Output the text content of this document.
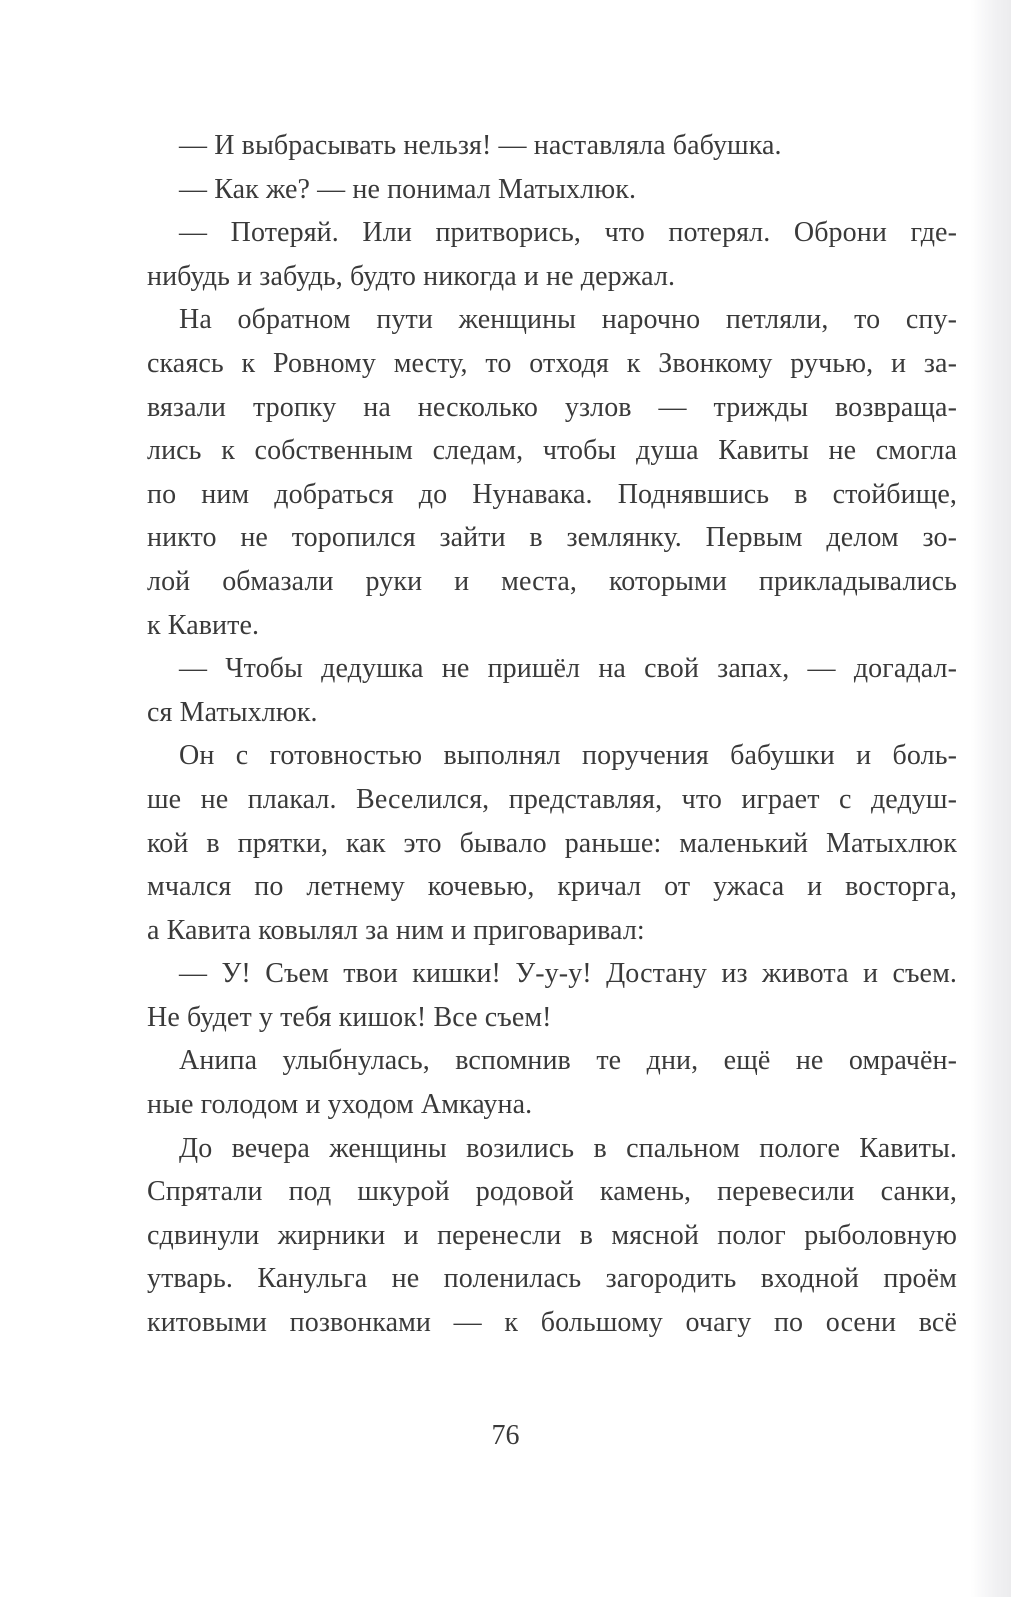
— И выбрасывать нельзя! — наставляла бабушка.
— Как же? — не понимал Матыхлюк.
— Потеряй. Или притворись, что потерял. Оброни где-
нибудь и забудь, будто никогда и не держал.
На обратном пути женщины нарочно петляли, то спу-
скаясь к Ровному месту, то отходя к Звонкому ручью, и за-
вязали тропку на несколько узлов — трижды возвраща-
лись к собственным следам, чтобы душа Кавиты не смогла
по ним добраться до Нунавака. Поднявшись в стойбище,
никто не торопился зайти в землянку. Первым делом зо-
лой обмазали руки и места, которыми прикладывались
к Кавите.
— Чтобы дедушка не пришёл на свой запах, — догадал-
ся Матыхлюк.
Он с готовностью выполнял поручения бабушки и боль-
ше не плакал. Веселился, представляя, что играет с дедуш-
кой в прятки, как это бывало раньше: маленький Матыхлюк
мчался по летнему кочевью, кричал от ужаса и восторга,
а Кавита ковылял за ним и приговаривал:
— У! Съем твои кишки! У-у-у! Достану из живота и съем.
Не будет у тебя кишок! Все съем!
Анипа улыбнулась, вспомнив те дни, ещё не омрачён-
ные голодом и уходом Амкауна.
До вечера женщины возились в спальном пологе Кавиты.
Спрятали под шкурой родовой камень, перевесили санки,
сдвинули жирники и перенесли в мясной полог рыболовную
утварь. Канульга не поленилась загородить входной проём
китовыми позвонками — к большому очагу по осени всё
76
